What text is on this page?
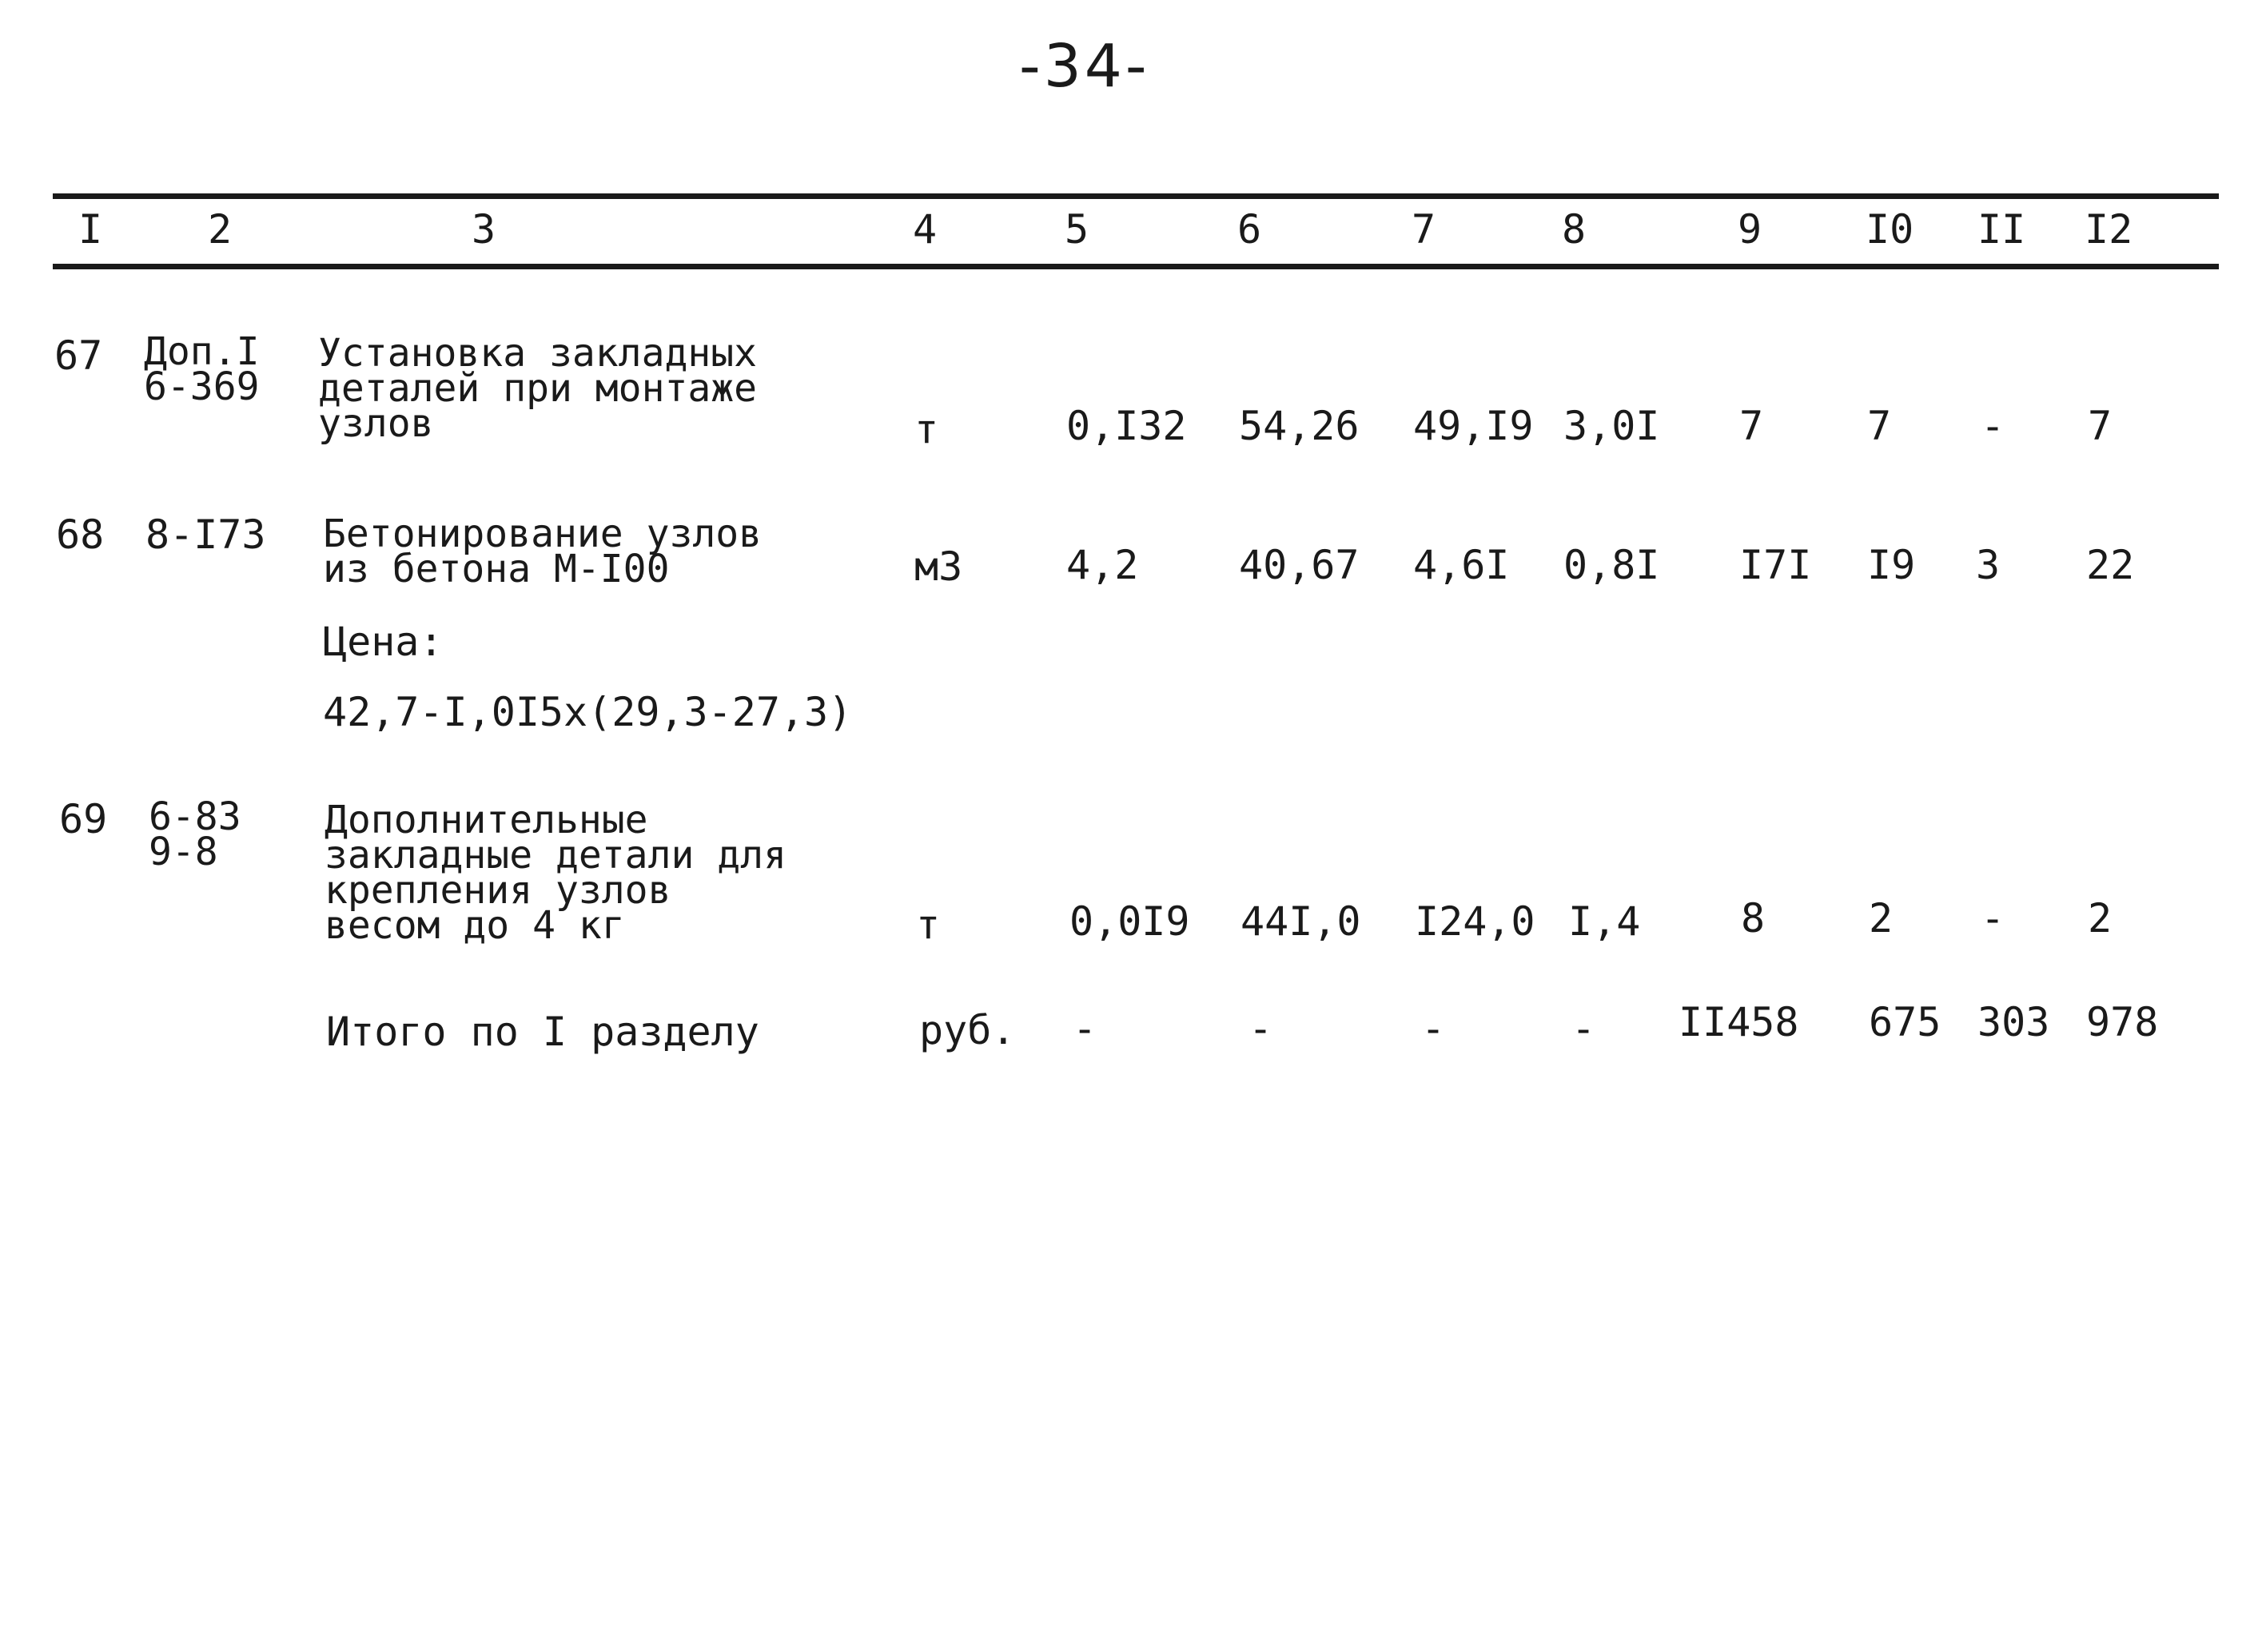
-34-
I	2	3	4	5	6	7	8	9	I0 II I2
67 Доп.I
6-369
Установка закладных
деталей при монтаже
узлов	т	0,I32 54,26 49,I9 3,0I 7	7 - 7
68 8-I73 Бетонирование узлов
из бетона М-I00	м3	4,2	40,67 4,6I 0,8I I7I I9 3 22
Цена:
42,7-I,0I5x(29,3-27,3)
69 6-83
9-8
Дополнительные
закладные детали для
крепления узлов
весом до 4 кг	т	0,0I9 44I,0 I24,0 I,4	8	2 - 2
Итого по I разделу	руб. -	-	-	- II458 675 303 978
